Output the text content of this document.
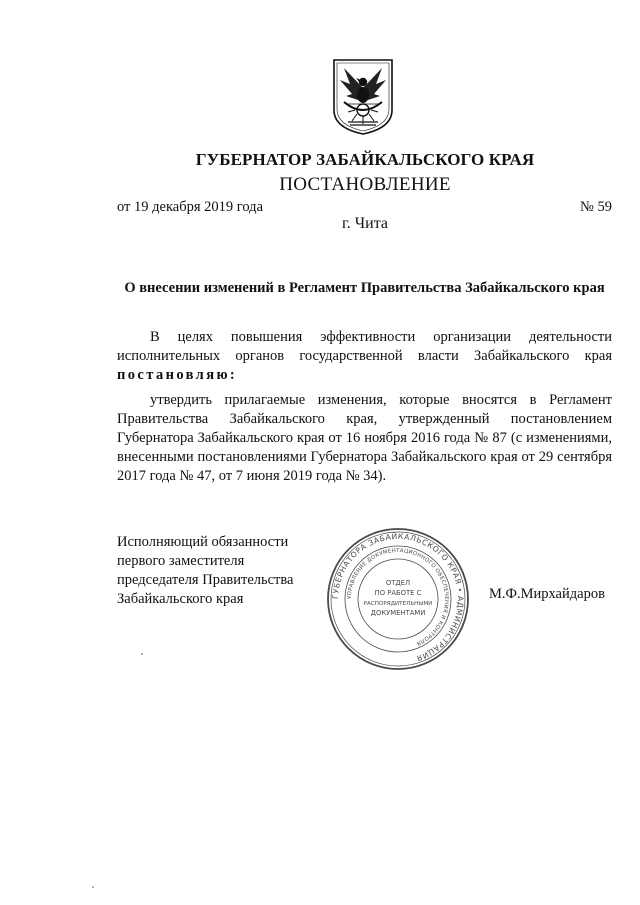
ГУБЕРНАТОР ЗАБАЙКАЛЬСКОГО КРАЯ
ПОСТАНОВЛЕНИЕ
от 19 декабря 2019 года	№ 59
г. Чита
О внесении изменений в Регламент Правительства Забайкальского края
В целях повышения эффективности организации деятельности исполнительных органов государственной власти Забайкальского края постановляю:
утвердить прилагаемые изменения, которые вносятся в Регламент Правительства Забайкальского края, утвержденный постановлением Губернатора Забайкальского края от 16 ноября 2016 года № 87 (с изменениями, внесенными постановлениями Губернатора Забайкальского края от 29 сентября 2017 года № 47, от 7 июня 2019 года № 34).
Исполняющий обязанности
первого заместителя
председателя Правительства
Забайкальского края	ГУБЕРНАТОРА ЗАБАЙКАЛЬСКОГО КРАЯ • АДМИНИСТРАЦИЯ
УПРАВЛЕНИЕ ДОКУМЕНТАЦИОННОГО ОБЕСПЕЧЕНИЯ И КОНТРОЛЯ
ОТДЕЛ
ПО РАБОТЕ С
РАСПОРЯДИТЕЛЬНЫМИ
ДОКУМЕНТАМИ
М.Ф.Мирхайдаров
